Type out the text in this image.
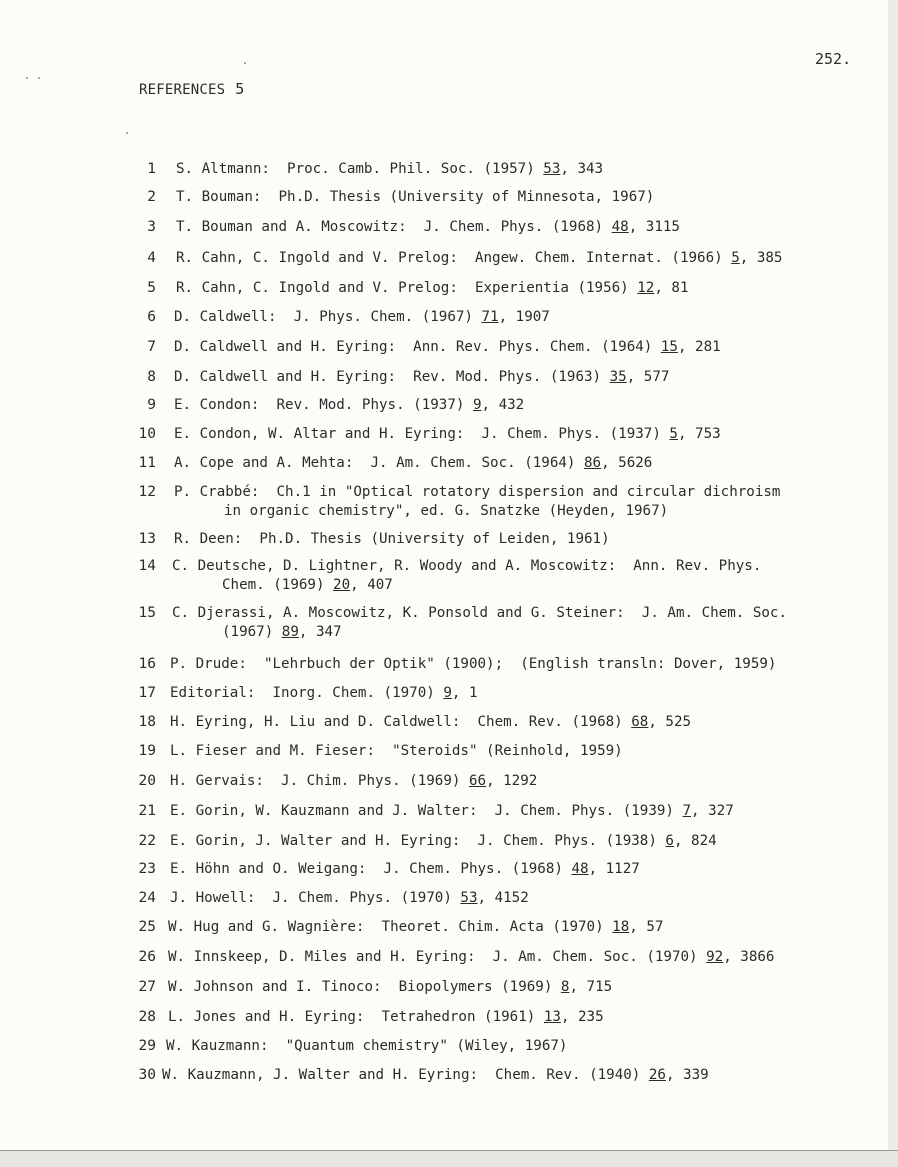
252.
REFERENCES 5
1 S. Altmann:  Proc. Camb. Phil. Soc. (1957) 53, 343
2 T. Bouman:  Ph.D. Thesis (University of Minnesota, 1967)
3 T. Bouman and A. Moscowitz:  J. Chem. Phys. (1968) 48, 3115
4 R. Cahn, C. Ingold and V. Prelog:  Angew. Chem. Internat. (1966) 5, 385
5 R. Cahn, C. Ingold and V. Prelog:  Experientia (1956) 12, 81
6 D. Caldwell:  J. Phys. Chem. (1967) 71, 1907
7 D. Caldwell and H. Eyring:  Ann. Rev. Phys. Chem. (1964) 15, 281
8 D. Caldwell and H. Eyring:  Rev. Mod. Phys. (1963) 35, 577
9 E. Condon:  Rev. Mod. Phys. (1937) 9, 432
10 E. Condon, W. Altar and H. Eyring:  J. Chem. Phys. (1937) 5, 753
11 A. Cope and A. Mehta:  J. Am. Chem. Soc. (1964) 86, 5626
12 P. Crabbé:  Ch.1 in "Optical rotatory dispersion and circular dichroism
in organic chemistry", ed. G. Snatzke (Heyden, 1967)
13 R. Deen:  Ph.D. Thesis (University of Leiden, 1961)
14 C. Deutsche, D. Lightner, R. Woody and A. Moscowitz:  Ann. Rev. Phys.
Chem. (1969) 20, 407
15 C. Djerassi, A. Moscowitz, K. Ponsold and G. Steiner:  J. Am. Chem. Soc.
(1967) 89, 347
16 P. Drude:  "Lehrbuch der Optik" (1900);  (English transln: Dover, 1959)
17 Editorial:  Inorg. Chem. (1970) 9, 1
18 H. Eyring, H. Liu and D. Caldwell:  Chem. Rev. (1968) 68, 525
19 L. Fieser and M. Fieser:  "Steroids" (Reinhold, 1959)
20 H. Gervais:  J. Chim. Phys. (1969) 66, 1292
21 E. Gorin, W. Kauzmann and J. Walter:  J. Chem. Phys. (1939) 7, 327
22 E. Gorin, J. Walter and H. Eyring:  J. Chem. Phys. (1938) 6, 824
23 E. Höhn and O. Weigang:  J. Chem. Phys. (1968) 48, 1127
24 J. Howell:  J. Chem. Phys. (1970) 53, 4152
25 W. Hug and G. Wagnière:  Theoret. Chim. Acta (1970) 18, 57
26 W. Innskeep, D. Miles and H. Eyring:  J. Am. Chem. Soc. (1970) 92, 3866
27 W. Johnson and I. Tinoco:  Biopolymers (1969) 8, 715
28 L. Jones and H. Eyring:  Tetrahedron (1961) 13, 235
29 W. Kauzmann:  "Quantum chemistry" (Wiley, 1967)
30 W. Kauzmann, J. Walter and H. Eyring:  Chem. Rev. (1940) 26, 339
